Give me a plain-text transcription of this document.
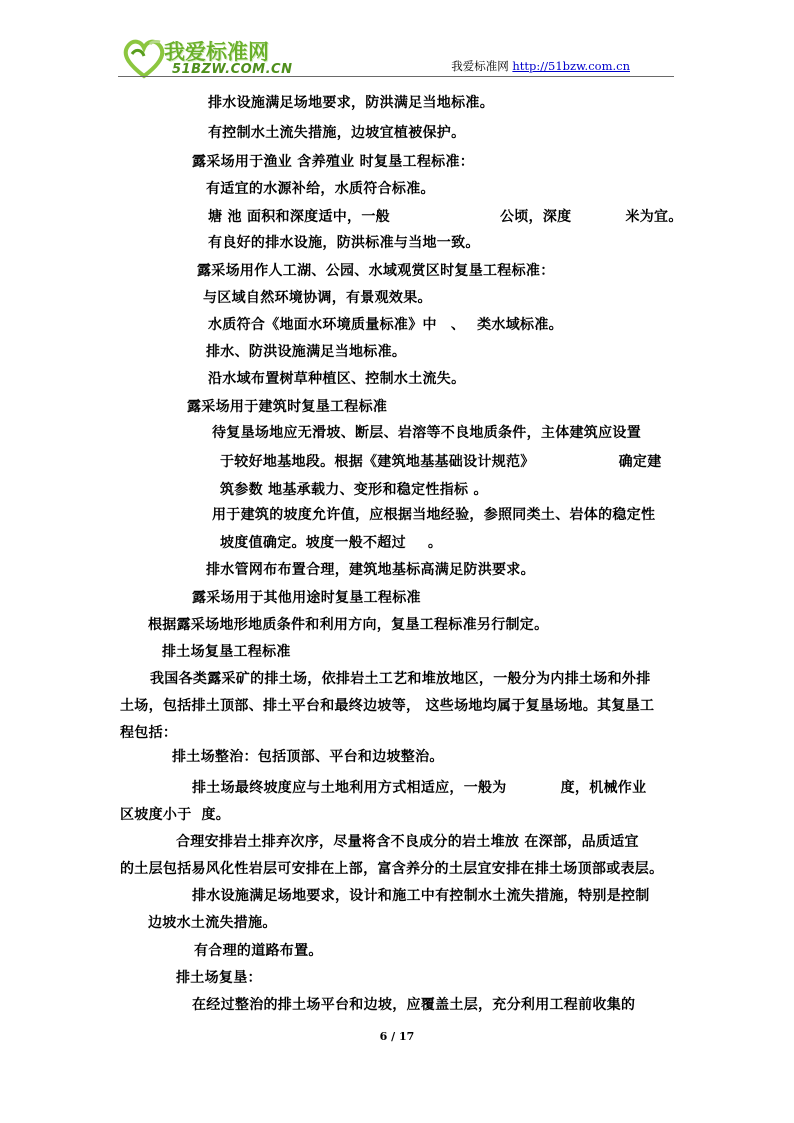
我爱标准网
51BZW.COM.CN	我爱标准网 http://51bzw.com.cn
排水设施满足场地要求，防洪满足当地标准。
有控制水土流失措施，边坡宜植被保护。
露采场用于渔业 含养殖业 时复垦工程标准：
有适宜的水源补给，水质符合标准。
塘 池 面积和深度适中，一般	公顷，深度	米为宜。
有良好的排水设施，防洪标准与当地一致。
露采场用作人工湖、公园、水域观赏区时复垦工程标准：
与区域自然环境协调，有景观效果。
水质符合《地面水环境质量标准》中 、 类水域标准。
排水、防洪设施满足当地标准。
沿水域布置树草种植区、控制水土流失。
露采场用于建筑时复垦工程标准
待复垦场地应无滑坡、断层、岩溶等不良地质条件，主体建筑应设置
于较好地基地段。根据《建筑地基基础设计规范》	确定建
筑参数 地基承载力、变形和稳定性指标 。
用于建筑的坡度允许值，应根据当地经验，参照同类土、岩体的稳定性
坡度值确定。坡度一般不超过 。
排水管网布布置合理，建筑地基标高满足防洪要求。
露采场用于其他用途时复垦工程标准
根据露采场地形地质条件和利用方向，复垦工程标准另行制定。
排土场复垦工程标准
我国各类露采矿的排土场，依排岩土工艺和堆放地区，一般分为内排土场和外排
土场，包括排土顶部、排土平台和最终边坡等， 这些场地均属于复垦场地。其复垦工
程包括：
排土场整治：包括顶部、平台和边坡整治。
排土场最终坡度应与土地利用方式相适应，一般为	度，机械作业
区坡度小于 度。
合理安排岩土排弃次序，尽量将含不良成分的岩土堆放 在深部，品质适宜
的土层包括易风化性岩层可安排在上部，富含养分的土层宜安排在排土场顶部或表层。
排水设施满足场地要求，设计和施工中有控制水土流失措施，特别是控制
边坡水土流失措施。
有合理的道路布置。
排土场复垦：
在经过整治的排土场平台和边坡，应覆盖土层，充分利用工程前收集的
6 / 17
